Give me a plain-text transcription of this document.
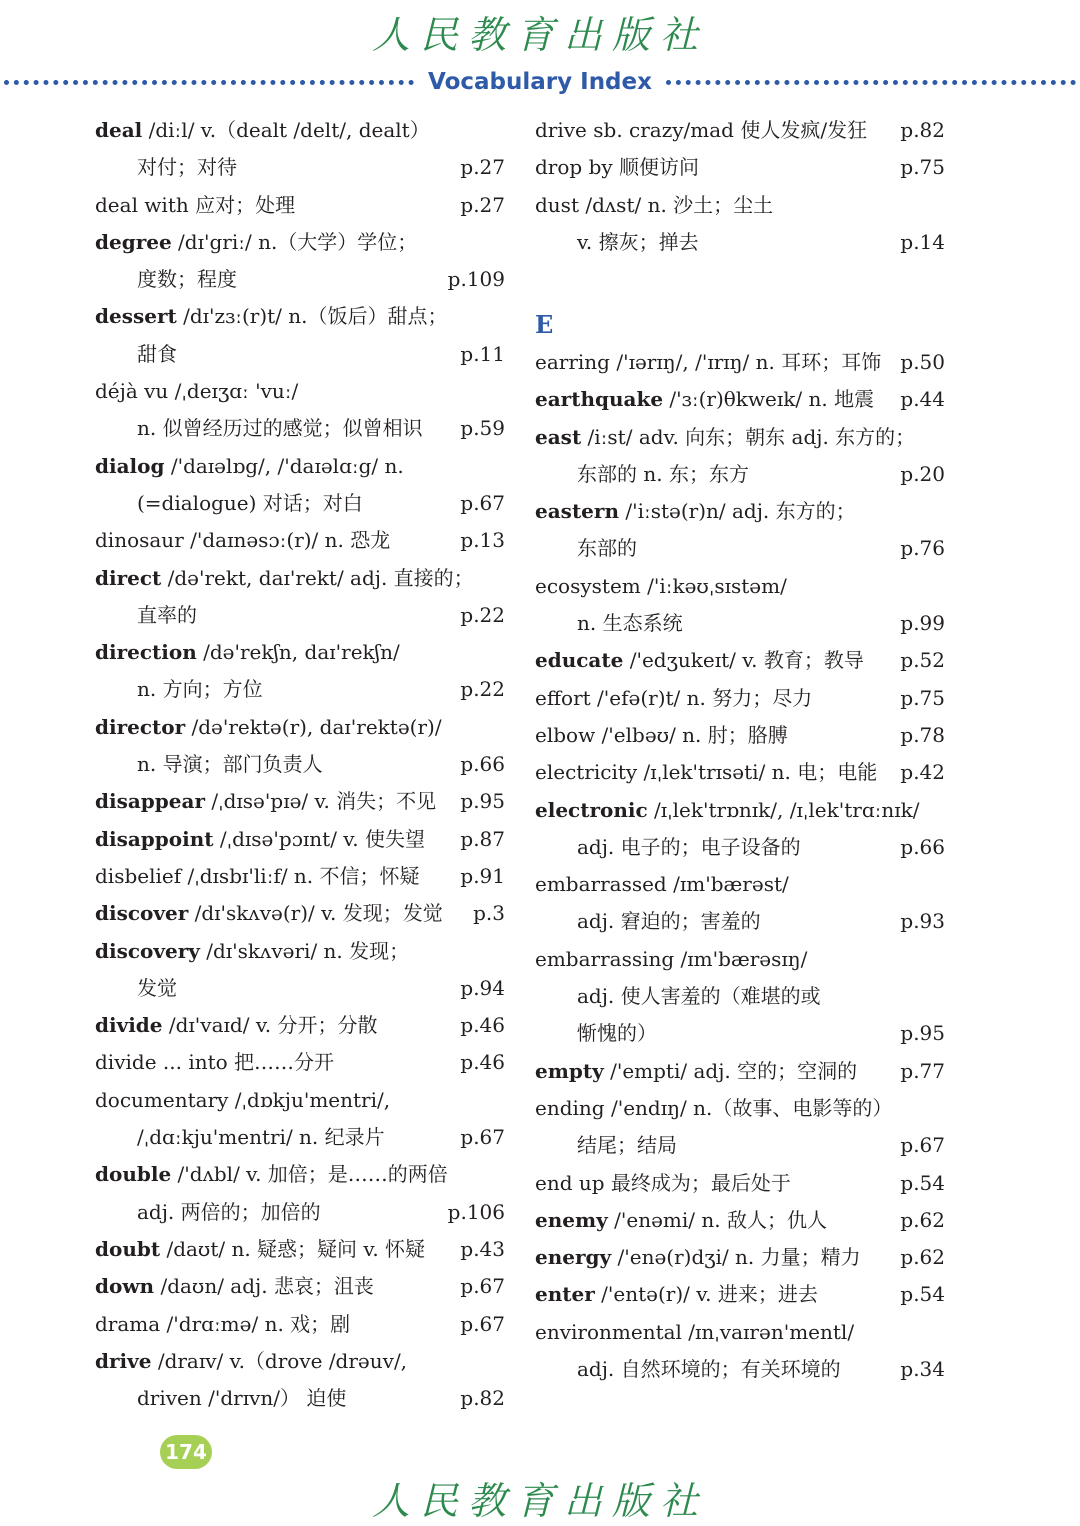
人民教育出版社
Vocabulary Index
deal /diːl/ v.（dealt /delt/, dealt）
对付；对待	p.27
deal with 应对；处理	p.27
degree /dɪ'griː/ n.（大学）学位；
度数；程度	p.109
dessert /dɪ'zɜː(r)t/ n.（饭后）甜点；
甜食	p.11
déjà vu /ˌdeɪʒɑː 'vuː/
n. 似曾经历过的感觉；似曾相识 p.59
dialog /'daɪəlɒg/, /'daɪəlɑːg/ n.
(=dialogue) 对话；对白	p.67
dinosaur /'daɪnəsɔː(r)/ n. 恐龙	p.13
direct /də'rekt, daɪ'rekt/ adj. 直接的；
直率的	p.22
direction /də'rekʃn, daɪ'rekʃn/
n. 方向；方位	p.22
director /də'rektə(r), daɪ'rektə(r)/
n. 导演；部门负责人	p.66
disappear /ˌdɪsə'pɪə/ v. 消失；不见 p.95
disappoint /ˌdɪsə'pɔɪnt/ v. 使失望 p.87
disbelief /ˌdɪsbɪ'liːf/ n. 不信；怀疑 p.91
discover /dɪ'skʌvə(r)/ v. 发现；发觉 p.3
discovery /dɪ'skʌvəri/ n. 发现；
发觉	p.94
divide /dɪ'vaɪd/ v. 分开；分散	p.46
divide ... into 把……分开	p.46
documentary /ˌdɒkju'mentri/,
/ˌdɑːkju'mentri/ n. 纪录片	p.67
double /'dʌbl/ v. 加倍；是……的两倍
adj. 两倍的；加倍的	p.106
doubt /daʊt/ n. 疑惑；疑问 v. 怀疑 p.43
down /daʊn/ adj. 悲哀；沮丧	p.67
drama /'drɑːmə/ n. 戏；剧	p.67
drive /draɪv/ v.（drove /drəuv/,
driven /'drɪvn/） 迫使	p.82
drive sb. crazy/mad 使人发疯/发狂 p.82
drop by 顺便访问	p.75
dust /dʌst/ n. 沙土；尘土
v. 擦灰；掸去	p.14
E
earring /'ɪərɪŋ/, /'ɪrɪŋ/ n. 耳环；耳饰 p.50
earthquake /'ɜː(r)θkweɪk/ n. 地震 p.44
east /iːst/ adv. 向东；朝东 adj. 东方的；
东部的 n. 东；东方	p.20
eastern /'iːstə(r)n/ adj. 东方的；
东部的	p.76
ecosystem /'iːkəʊˌsɪstəm/
n. 生态系统	p.99
educate /'edʒukeɪt/ v. 教育；教导 p.52
effort /'efə(r)t/ n. 努力；尽力	p.75
elbow /'elbəʊ/ n. 肘；胳膊	p.78
electricity /ɪˌlek'trɪsəti/ n. 电；电能 p.42
electronic /ɪˌlek'trɒnɪk/, /ɪˌlek'trɑːnɪk/
adj. 电子的；电子设备的	p.66
embarrassed /ɪm'bærəst/
adj. 窘迫的；害羞的	p.93
embarrassing /ɪm'bærəsɪŋ/
adj. 使人害羞的（难堪的或
惭愧的）	p.95
empty /'empti/ adj. 空的；空洞的 p.77
ending /'endɪŋ/ n.（故事、电影等的）
结尾；结局	p.67
end up 最终成为；最后处于	p.54
enemy /'enəmi/ n. 敌人；仇人	p.62
energy /'enə(r)dʒi/ n. 力量；精力 p.62
enter /'entə(r)/ v. 进来；进去	p.54
environmental /ɪnˌvaɪrən'mentl/
adj. 自然环境的；有关环境的	p.34
174
人民教育出版社
